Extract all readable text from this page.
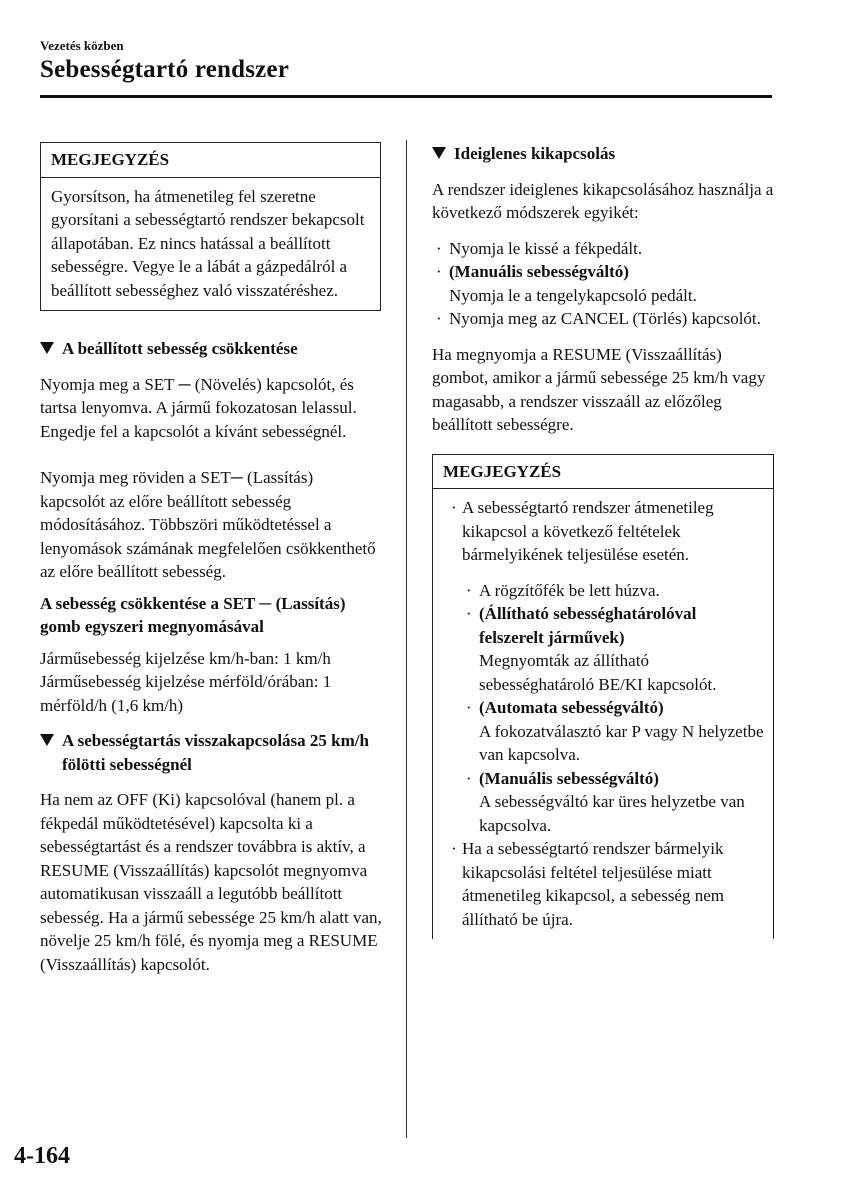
Vezetés közben
Sebességtartó rendszer
MEGJEGYZÉS
Gyorsítson, ha átmenetileg fel szeretne gyorsítani a sebességtartó rendszer bekapcsolt állapotában. Ez nincs hatással a beállított sebességre. Vegye le a lábát a gázpedálról a beállított sebességhez való visszatéréshez.
A beállított sebesség csökkentése

Nyomja meg a SET ─ (Növelés) kapcsolót, és tartsa lenyomva. A jármű fokozatosan lelassul.

Engedje fel a kapcsolót a kívánt sebességnél.

Nyomja meg röviden a SET─ (Lassítás) kapcsolót az előre beállított sebesség módosításához. Többszöri működtetéssel a lenyomások számának megfelelően csökkenthető az előre beállított sebesség.

A sebesség csökkentése a SET ─ (Lassítás) gomb egyszeri megnyomásával

Járműsebesség kijelzése km/h-ban: 1 km/h

Járműsebesség kijelzése mérföld/órában: 1 mérföld/h (1,6 km/h)

A sebességtartás visszakapcsolása 25 km/h fölötti sebességnél

Ha nem az OFF (Ki) kapcsolóval (hanem pl. a fékpedál működtetésével) kapcsolta ki a sebességtartást és a rendszer továbbra is aktív, a RESUME (Visszaállítás) kapcsolót megnyomva automatikusan visszaáll a legutóbb beállított sebesség. Ha a jármű sebessége 25 km/h alatt van, növelje 25 km/h fölé, és nyomja meg a RESUME (Visszaállítás) kapcsolót.

Ideiglenes kikapcsolás

A rendszer ideiglenes kikapcsolásához használja a következő módszerek egyikét:

· Nyomja le kissé a fékpedált.
· (Manuális sebességváltó)
Nyomja le a tengelykapcsoló pedált.
· Nyomja meg az CANCEL (Törlés) kapcsolót.

Ha megnyomja a RESUME (Visszaállítás) gombot, amikor a jármű sebessége 25 km/h vagy magasabb, a rendszer visszaáll az előzőleg beállított sebességre.

MEGJEGYZÉS
· A sebességtartó rendszer átmenetileg kikapcsol a következő feltételek bármelyikének teljesülése esetén.
· A rögzítőfék be lett húzva.
· (Állítható sebességhatárolóval felszerelt járművek)
Megnyomták az állítható sebességhatároló BE/KI kapcsolót.
· (Automata sebességváltó)
A fokozatválasztó kar P vagy N helyzetbe van kapcsolva.
· (Manuális sebességváltó)
A sebességváltó kar üres helyzetbe van kapcsolva.
· Ha a sebességtartó rendszer bármelyik kikapcsolási feltétel teljesülése miatt átmenetileg kikapcsol, a sebesség nem állítható be újra.
4-164
